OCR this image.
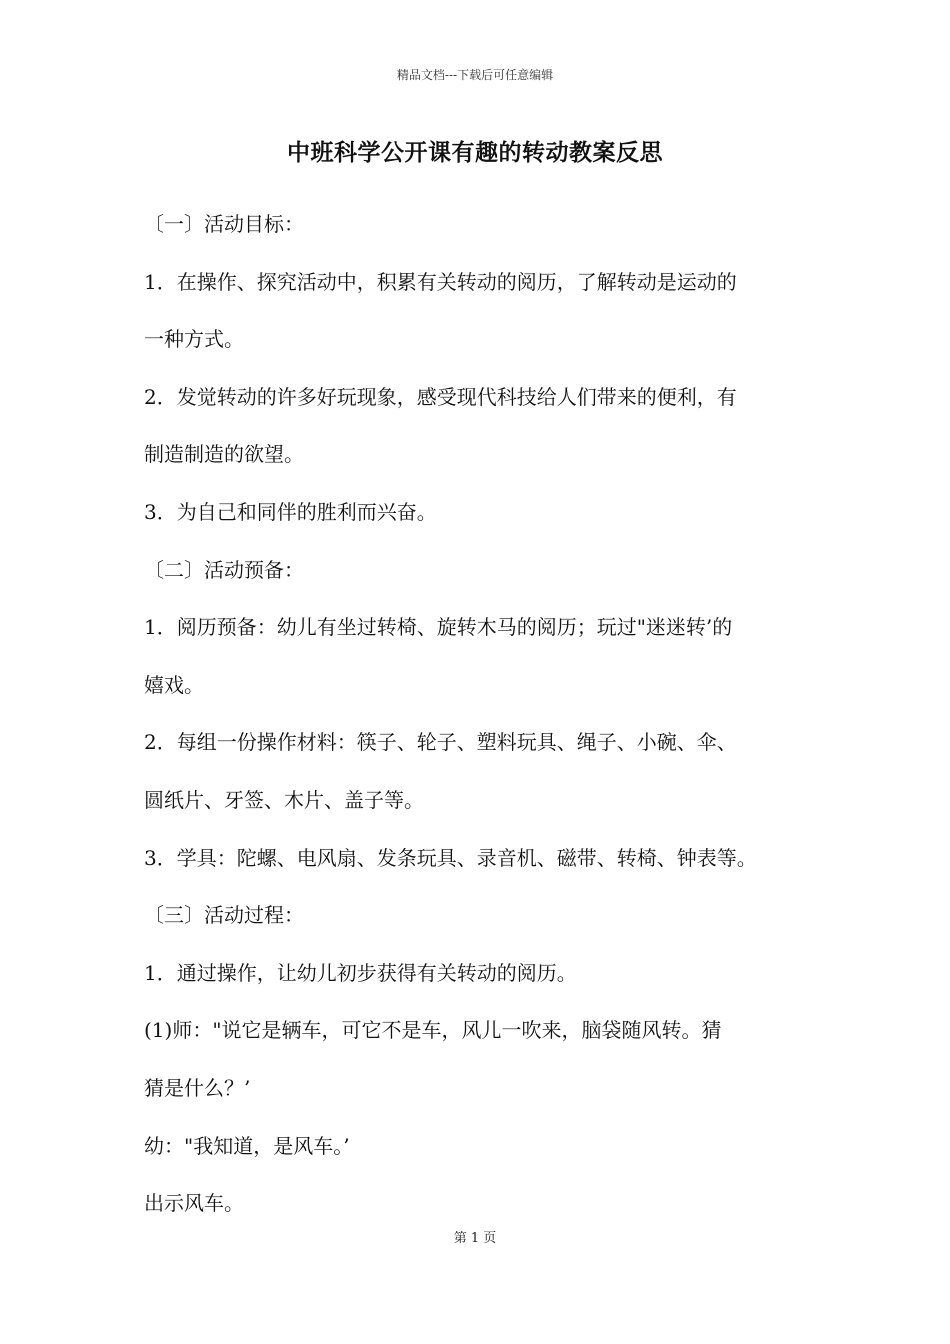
精品文档---下载后可任意编辑
中班科学公开课有趣的转动教案反思
〔一〕活动目标：
1．在操作、探究活动中，积累有关转动的阅历，了解转动是运动的
一种方式。
2．发觉转动的许多好玩现象，感受现代科技给人们带来的便利，有
制造制造的欲望。
3．为自己和同伴的胜利而兴奋。
〔二〕活动预备：
1．阅历预备：幼儿有坐过转椅、旋转木马的阅历；玩过"迷迷转’的
嬉戏。
2．每组一份操作材料：筷子、轮子、塑料玩具、绳子、小碗、伞、
圆纸片、牙签、木片、盖子等。
3．学具：陀螺、电风扇、发条玩具、录音机、磁带、转椅、钟表等。
〔三〕活动过程：
1．通过操作，让幼儿初步获得有关转动的阅历。
(1)师："说它是辆车，可它不是车，风儿一吹来，脑袋随风转。猜
猜是什么？’
幼："我知道，是风车。’
出示风车。
第 1 页
